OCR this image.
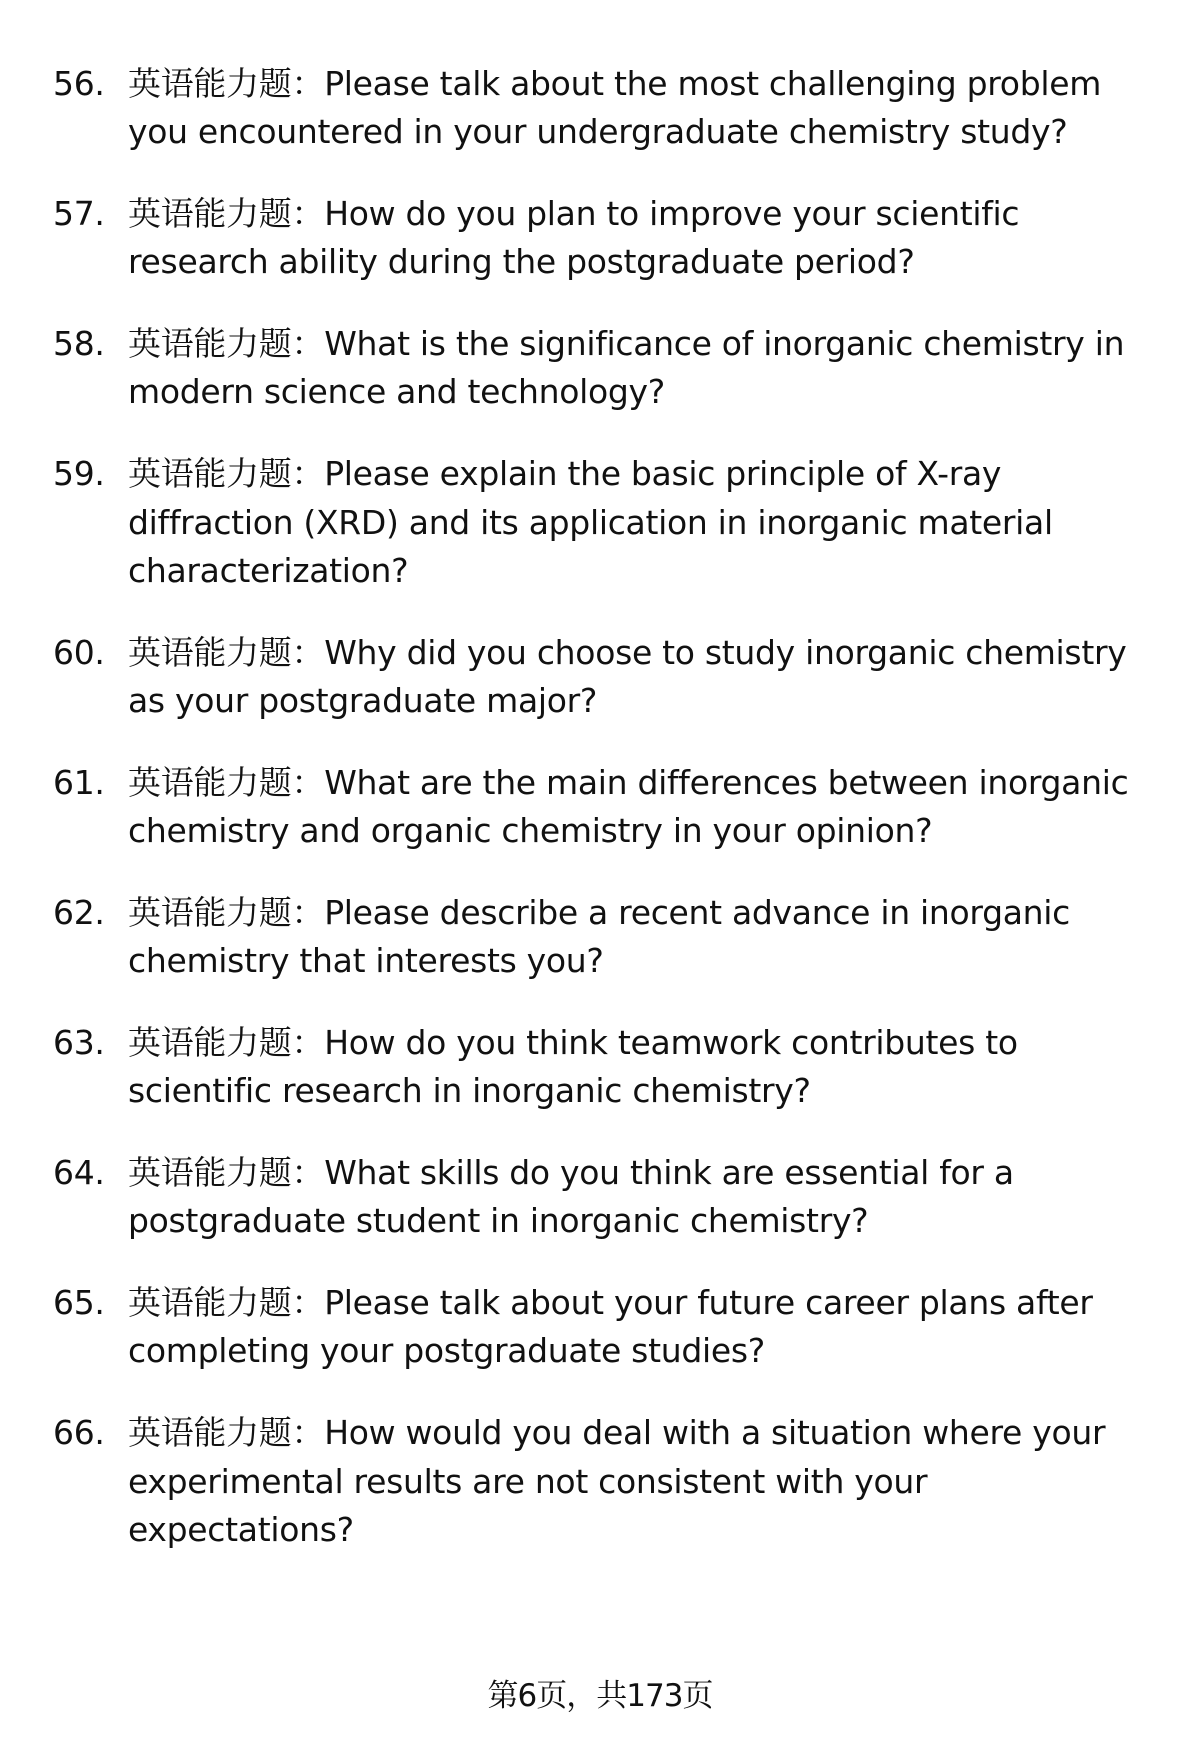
56. 英语能力题：Please talk about the most challenging problem you encountered in your undergraduate chemistry study?
57. 英语能力题：How do you plan to improve your scientific research ability during the postgraduate period?
58. 英语能力题：What is the significance of inorganic chemistry in modern science and technology?
59. 英语能力题：Please explain the basic principle of X-ray diffraction (XRD) and its application in inorganic material characterization?
60. 英语能力题：Why did you choose to study inorganic chemistry as your postgraduate major?
61. 英语能力题：What are the main differences between inorganic chemistry and organic chemistry in your opinion?
62. 英语能力题：Please describe a recent advance in inorganic chemistry that interests you?
63. 英语能力题：How do you think teamwork contributes to scientific research in inorganic chemistry?
64. 英语能力题：What skills do you think are essential for a postgraduate student in inorganic chemistry?
65. 英语能力题：Please talk about your future career plans after completing your postgraduate studies?
66. 英语能力题：How would you deal with a situation where your experimental results are not consistent with your expectations?
第6页，共173页
